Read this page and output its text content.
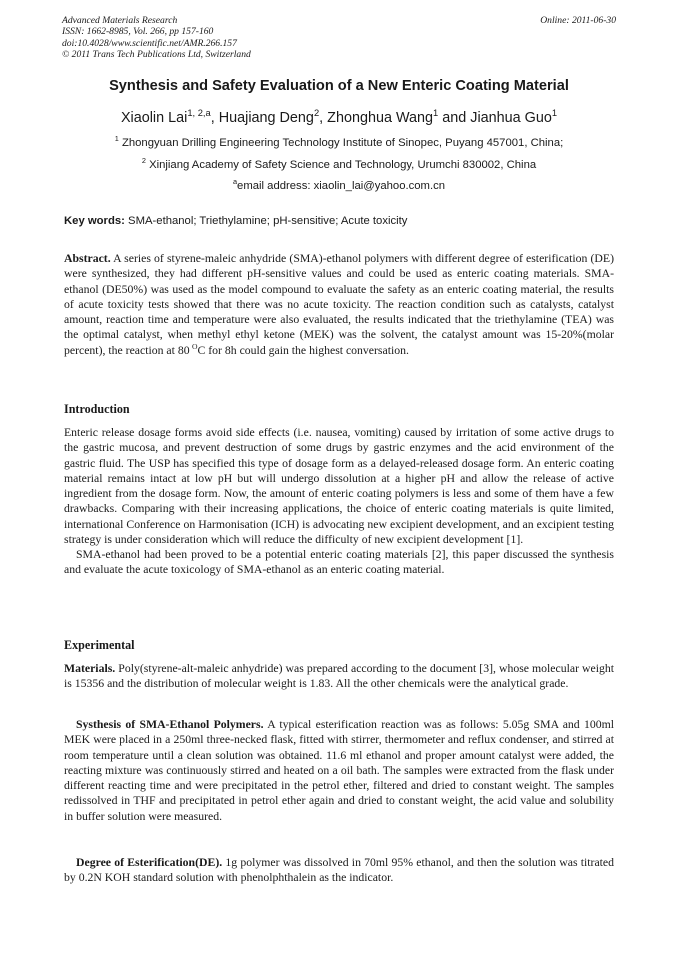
Advanced Materials Research
ISSN: 1662-8985, Vol. 266, pp 157-160
doi:10.4028/www.scientific.net/AMR.266.157
© 2011 Trans Tech Publications Ltd, Switzerland
Online: 2011-06-30
Synthesis and Safety Evaluation of a New Enteric Coating Material
Xiaolin Lai$^{1, 2,a}$, Huajiang Deng$^2$, Zhonghua Wang$^1$ and Jianhua Guo$^1$
$^1$ Zhongyuan Drilling Engineering Technology Institute of Sinopec, Puyang 457001, China;
$^2$ Xinjiang Academy of Safety Science and Technology, Urumchi 830002, China
$^a$email address: xiaolin_lai@yahoo.com.cn
Key words: SMA-ethanol; Triethylamine; pH-sensitive; Acute toxicity

Abstract. A series of styrene-maleic anhydride (SMA)-ethanol polymers with different degree of esterification (DE) were synthesized, they had different pH-sensitive values and could be used as enteric coating materials. SMA-ethanol (DE50%) was used as the model compound to evaluate the safety as an enteric coating material, the results of acute toxicity tests showed that there was no acute toxicity. The reaction condition such as catalysts, catalyst amount, reaction time and temperature were also evaluated, the results indicated that the triethylamine (TEA) was the optimal catalyst, when methyl ethyl ketone (MEK) was the solvent, the catalyst amount was 15-20%(molar percent), the reaction at 80  $^O$C for 8h could gain the highest conversation.

Introduction

Enteric release dosage forms avoid side effects (i.e. nausea, vomiting) caused by irritation of some active drugs to the gastric mucosa, and prevent destruction of some drugs by gastric enzymes and the acid environment of the gastric fluid. The USP has specified this type of dosage form as a delayed-released dosage form. An enteric coating material remains intact at low pH but will undergo dissolution at a higher pH and allow the release of active ingredient from the dosage form. Now, the amount of enteric coating polymers is less and some of them have a few drawbacks. Comparing with their increasing applications, the choice of enteric coating materials is quite limited, international Conference on Harmonisation (ICH) is advocating new excipient development, and an excipient testing strategy is under consideration which will reduce the difficulty of new excipient development [1].

SMA-ethanol had been proved to be a potential enteric coating materials [2], this paper discussed the synthesis and evaluate the acute toxicology of SMA-ethanol as an enteric coating material.

Experimental

Materials. Poly(styrene-alt-maleic anhydride) was prepared according to the document [3], whose molecular weight is 15356 and the distribution of molecular weight is 1.83. All the other chemicals were the analytical grade.

Systhesis of SMA-Ethanol Polymers. A typical esterification reaction was as follows: 5.05g SMA and 100ml MEK were placed in a 250ml three-necked flask, fitted with stirrer, thermometer and reflux condenser, and stirred at room temperature until a clean solution was obtained. 11.6 ml ethanol and proper amount catalyst were added, the reacting mixture was continuously stirred and heated on a oil bath. The samples were extracted from the flask under different reacting time and were precipitated in the petrol ether, filtered and dried to constant weight. The samples redissolved in THF and precipitated in petrol ether again and dried to constant weight, the acid value and solubility in buffer solution were measured.

Degree of Esterification(DE). 1g polymer was dissolved in 70ml 95% ethanol, and then the solution was titrated by 0.2N KOH standard solution with phenolphthalein as the indicator.
